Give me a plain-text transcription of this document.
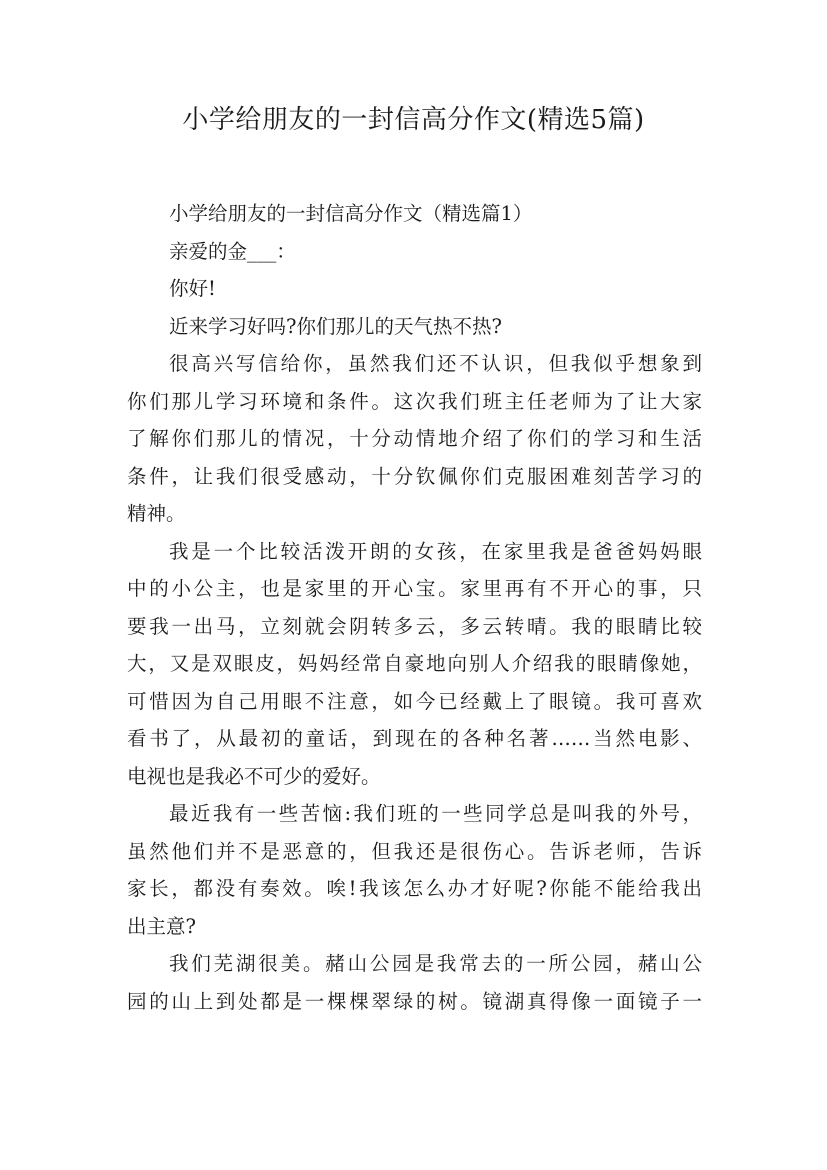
小学给朋友的一封信高分作文(精选5篇)
小学给朋友的一封信高分作文（精选篇1）
亲爱的金___：
你好!
近来学习好吗?你们那儿的天气热不热?
很高兴写信给你，虽然我们还不认识，但我似乎想象到
你们那儿学习环境和条件。这次我们班主任老师为了让大家
了解你们那儿的情况，十分动情地介绍了你们的学习和生活
条件，让我们很受感动，十分钦佩你们克服困难刻苦学习的
精神。
我是一个比较活泼开朗的女孩，在家里我是爸爸妈妈眼
中的小公主，也是家里的开心宝。家里再有不开心的事，只
要我一出马，立刻就会阴转多云，多云转晴。我的眼睛比较
大，又是双眼皮，妈妈经常自豪地向别人介绍我的眼睛像她，
可惜因为自己用眼不注意，如今已经戴上了眼镜。我可喜欢
看书了，从最初的童话，到现在的各种名著……当然电影、
电视也是我必不可少的爱好。
最近我有一些苦恼:我们班的一些同学总是叫我的外号，
虽然他们并不是恶意的，但我还是很伤心。告诉老师，告诉
家长，都没有奏效。唉!我该怎么办才好呢?你能不能给我出
出主意?
我们芜湖很美。赭山公园是我常去的一所公园，赭山公
园的山上到处都是一棵棵翠绿的树。镜湖真得像一面镜子一
